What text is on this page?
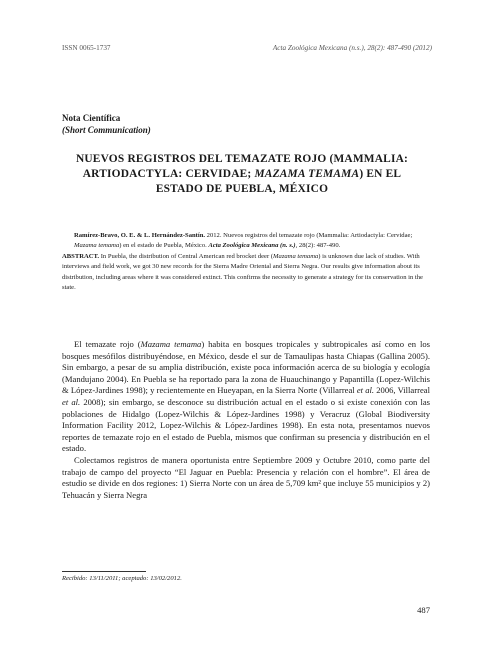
ISSN 0065-1737	Acta Zoológica Mexicana (n.s.), 28(2): 487-490 (2012)
Nota Científica
(Short Communication)
NUEVOS REGISTROS DEL TEMAZATE ROJO (MAMMALIA: ARTIODACTYLA: CERVIDAE; MAZAMA TEMAMA) EN EL ESTADO DE PUEBLA, MÉXICO
Ramírez-Bravo, O. E. & L. Hernández-Santín. 2012. Nuevos registros del temazate rojo (Mammalia: Artiodactyla: Cervidae; Mazama temama) en el estado de Puebla, México. Acta Zoológica Mexicana (n. s.), 28(2): 487-490.
ABSTRACT. In Puebla, the distribution of Central American red brocket deer (Mazama temama) is unknown due lack of studies. With interviews and field work, we got 30 new records for the Sierra Madre Oriental and Sierra Negra. Our results give information about its distribution, including areas where it was considered extinct. This confirms the necessity to generate a strategy for its conservation in the state.

El temazate rojo (Mazama temama) habita en bosques tropicales y subtropicales así como en los bosques mesófilos distribuyéndose, en México, desde el sur de Tamaulipas hasta Chiapas (Gallina 2005). Sin embargo, a pesar de su amplia distribución, existe poca información acerca de su biología y ecología (Mandujano 2004). En Puebla se ha reportado para la zona de Huauchinango y Papantilla (Lopez-Wilchis & López-Jardines 1998); y recientemente en Hueyapan, en la Sierra Norte (Villarreal et al. 2006, Villarreal et al. 2008); sin embargo, se desconoce su distribución actual en el estado o si existe conexión con las poblaciones de Hidalgo (Lopez-Wilchis & López-Jardines 1998) y Veracruz (Global Biodiversity Information Facility 2012, Lopez-Wilchis & López-Jardines 1998). En esta nota, presentamos nuevos reportes de temazate rojo en el estado de Puebla, mismos que confirman su presencia y distribución en el estado.

Colectamos registros de manera oportunista entre Septiembre 2009 y Octubre 2010, como parte del trabajo de campo del proyecto “El Jaguar en Puebla: Presencia y relación con el hombre”. El área de estudio se divide en dos regiones: 1) Sierra Norte con un área de 5,709 km² que incluye 55 municipios y 2) Tehuacán y Sierra Negra

Recibido: 13/11/2011; aceptado: 13/02/2012.
487
